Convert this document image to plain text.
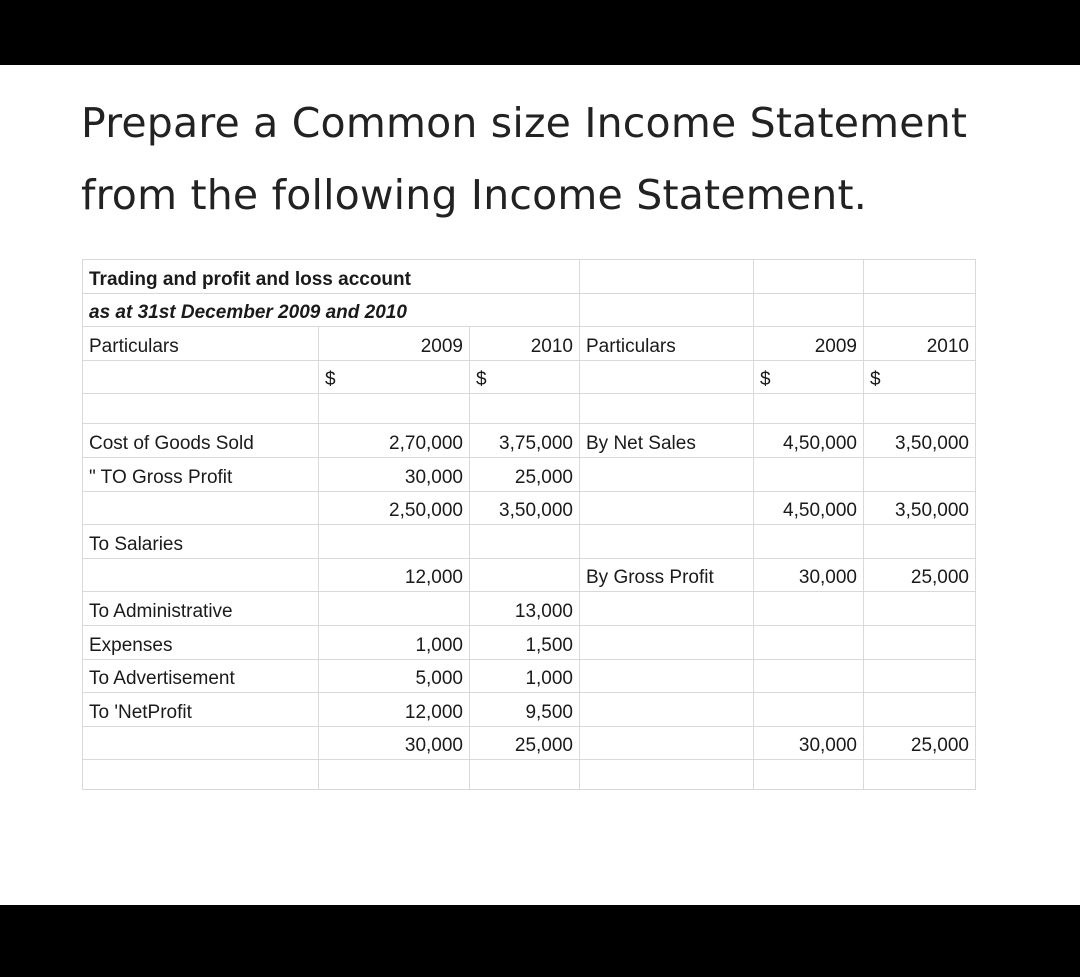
Prepare a Common size Income Statement
from the following Income Statement.
Trading and profit and loss account					
as at 31st December 2009 and 2010					
Particulars	2009	2010	Particulars	2009	2010
	$	$		$	$

Cost of Goods Sold	2,70,000	3,75,000	By Net Sales	4,50,000	3,50,000
" TO Gross Profit	30,000	25,000			
	2,50,000	3,50,000		4,50,000	3,50,000
To Salaries					
	12,000		By Gross Profit	30,000	25,000
To Administrative		13,000			
Expenses	1,000	1,500			
To Advertisement	5,000	1,000			
To 'NetProfit	12,000	9,500			
	30,000	25,000		30,000	25,000
